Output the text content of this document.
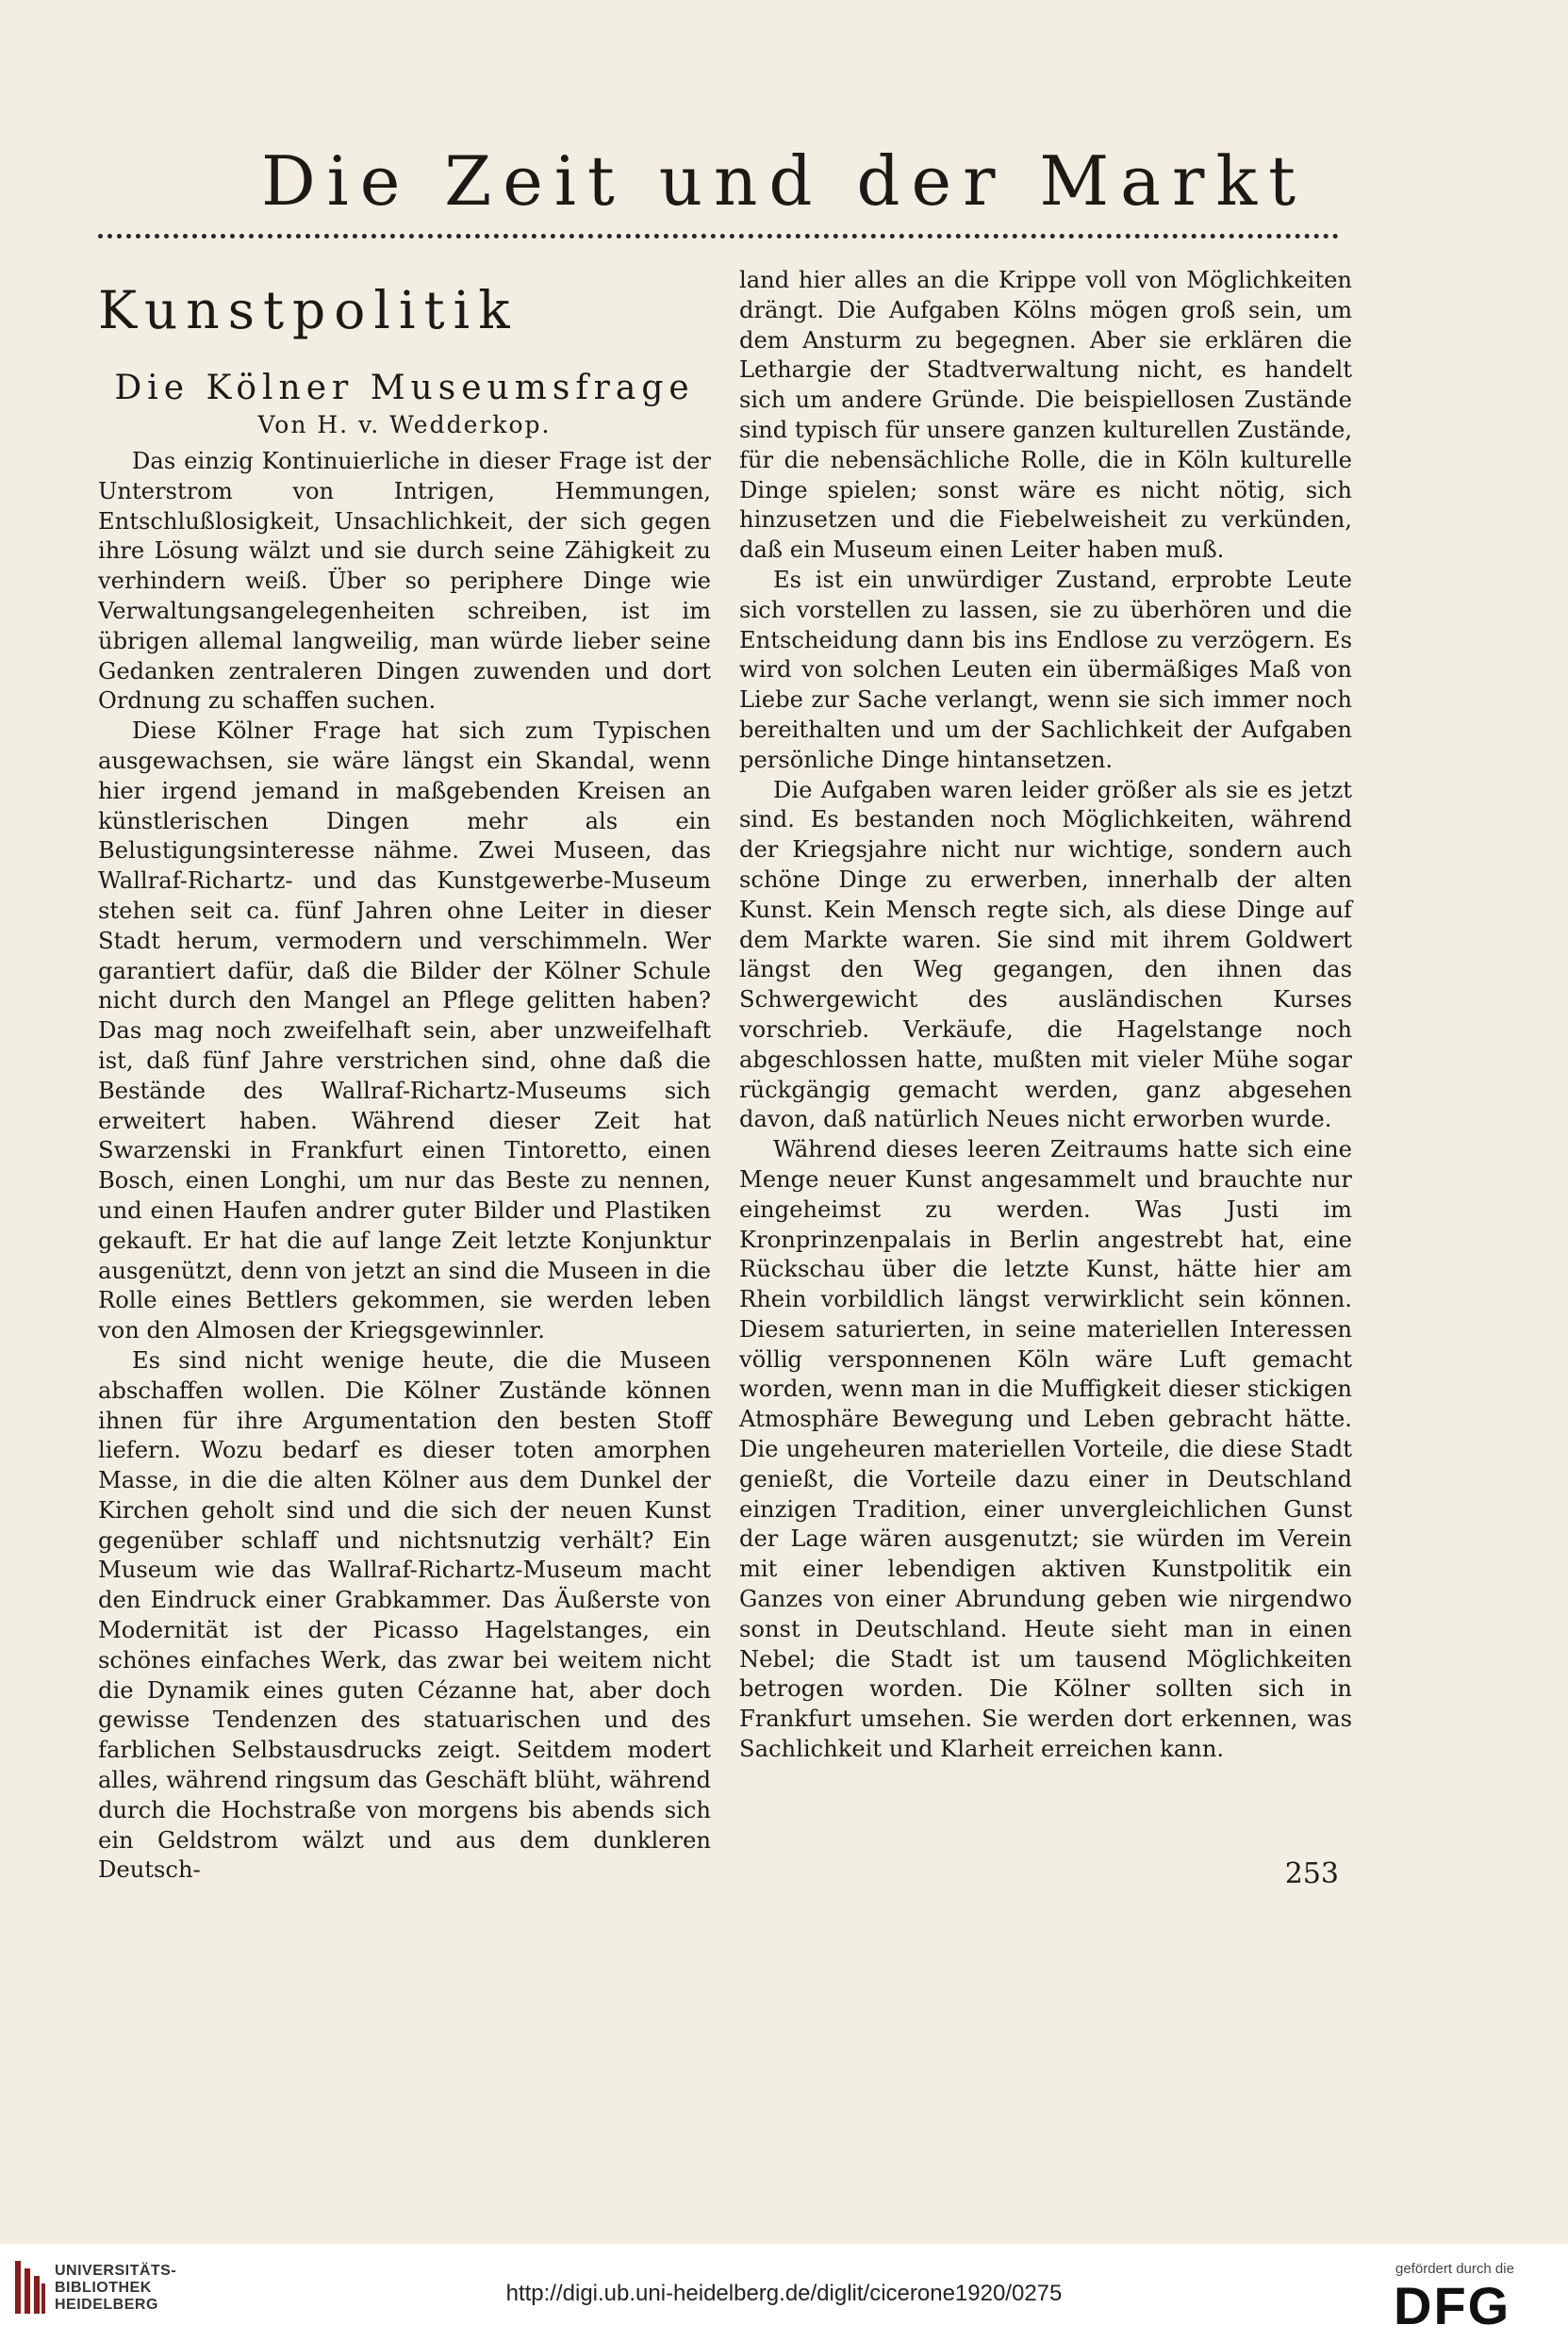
Die Zeit und der Markt
Kunstpolitik
Die Kölner Museumsfrage
Von H. v. Wedderkop.

Das einzig Kontinuierliche in dieser Frage ist der Unterstrom von Intrigen, Hemmungen, Entschlußlosigkeit, Unsachlichkeit, der sich gegen ihre Lösung wälzt und sie durch seine Zähigkeit zu verhindern weiß. Über so periphere Dinge wie Verwaltungsangelegenheiten schreiben, ist im übrigen allemal langweilig, man würde lieber seine Gedanken zentraleren Dingen zuwenden und dort Ordnung zu schaffen suchen.

Diese Kölner Frage hat sich zum Typischen ausgewachsen, sie wäre längst ein Skandal, wenn hier irgend jemand in maßgebenden Kreisen an künstlerischen Dingen mehr als ein Belustigungsinteresse nähme. Zwei Museen, das Wallraf-Richartz- und das Kunstgewerbe-Museum stehen seit ca. fünf Jahren ohne Leiter in dieser Stadt herum, vermodern und verschimmeln. Wer garantiert dafür, daß die Bilder der Kölner Schule nicht durch den Mangel an Pflege gelitten haben? Das mag noch zweifelhaft sein, aber unzweifelhaft ist, daß fünf Jahre verstrichen sind, ohne daß die Bestände des Wallraf-Richartz-Museums sich erweitert haben. Während dieser Zeit hat Swarzenski in Frankfurt einen Tintoretto, einen Bosch, einen Longhi, um nur das Beste zu nennen, und einen Haufen andrer guter Bilder und Plastiken gekauft. Er hat die auf lange Zeit letzte Konjunktur ausgenützt, denn von jetzt an sind die Museen in die Rolle eines Bettlers gekommen, sie werden leben von den Almosen der Kriegsgewinnler.

Es sind nicht wenige heute, die die Museen abschaffen wollen. Die Kölner Zustände können ihnen für ihre Argumentation den besten Stoff liefern. Wozu bedarf es dieser toten amorphen Masse, in die die alten Kölner aus dem Dunkel der Kirchen geholt sind und die sich der neuen Kunst gegenüber schlaff und nichtsnutzig verhält? Ein Museum wie das Wallraf-Richartz-Museum macht den Eindruck einer Grabkammer. Das Äußerste von Modernität ist der Picasso Hagelstanges, ein schönes einfaches Werk, das zwar bei weitem nicht die Dynamik eines guten Cézanne hat, aber doch gewisse Tendenzen des statuarischen und des farblichen Selbstausdrucks zeigt. Seitdem modert alles, während ringsum das Geschäft blüht, während durch die Hochstraße von morgens bis abends sich ein Geldstrom wälzt und aus dem dunkleren Deutsch-

land hier alles an die Krippe voll von Möglichkeiten drängt. Die Aufgaben Kölns mögen groß sein, um dem Ansturm zu begegnen. Aber sie erklären die Lethargie der Stadtverwaltung nicht, es handelt sich um andere Gründe. Die beispiellosen Zustände sind typisch für unsere ganzen kulturellen Zustände, für die nebensächliche Rolle, die in Köln kulturelle Dinge spielen; sonst wäre es nicht nötig, sich hinzusetzen und die Fiebelweisheit zu verkünden, daß ein Museum einen Leiter haben muß.

Es ist ein unwürdiger Zustand, erprobte Leute sich vorstellen zu lassen, sie zu überhören und die Entscheidung dann bis ins Endlose zu verzögern. Es wird von solchen Leuten ein übermäßiges Maß von Liebe zur Sache verlangt, wenn sie sich immer noch bereithalten und um der Sachlichkeit der Aufgaben persönliche Dinge hintansetzen.

Die Aufgaben waren leider größer als sie es jetzt sind. Es bestanden noch Möglichkeiten, während der Kriegsjahre nicht nur wichtige, sondern auch schöne Dinge zu erwerben, innerhalb der alten Kunst. Kein Mensch regte sich, als diese Dinge auf dem Markte waren. Sie sind mit ihrem Goldwert längst den Weg gegangen, den ihnen das Schwergewicht des ausländischen Kurses vorschrieb. Verkäufe, die Hagelstange noch abgeschlossen hatte, mußten mit vieler Mühe sogar rückgängig gemacht werden, ganz abgesehen davon, daß natürlich Neues nicht erworben wurde.

Während dieses leeren Zeitraums hatte sich eine Menge neuer Kunst angesammelt und brauchte nur eingeheimst zu werden. Was Justi im Kronprinzenpalais in Berlin angestrebt hat, eine Rückschau über die letzte Kunst, hätte hier am Rhein vorbildlich längst verwirklicht sein können. Diesem saturierten, in seine materiellen Interessen völlig versponnenen Köln wäre Luft gemacht worden, wenn man in die Muffigkeit dieser stickigen Atmosphäre Bewegung und Leben gebracht hätte. Die ungeheuren materiellen Vorteile, die diese Stadt genießt, die Vorteile dazu einer in Deutschland einzigen Tradition, einer unvergleichlichen Gunst der Lage wären ausgenutzt; sie würden im Verein mit einer lebendigen aktiven Kunstpolitik ein Ganzes von einer Abrundung geben wie nirgendwo sonst in Deutschland. Heute sieht man in einen Nebel; die Stadt ist um tausend Möglichkeiten betrogen worden. Die Kölner sollten sich in Frankfurt umsehen. Sie werden dort erkennen, was Sachlichkeit und Klarheit erreichen kann.

253
UNIVERSITÄTS-
BIBLIOTHEK
HEIDELBERG	http://digi.ub.uni-heidelberg.de/diglit/cicerone1920/0275
gefördert durch die
DFG
